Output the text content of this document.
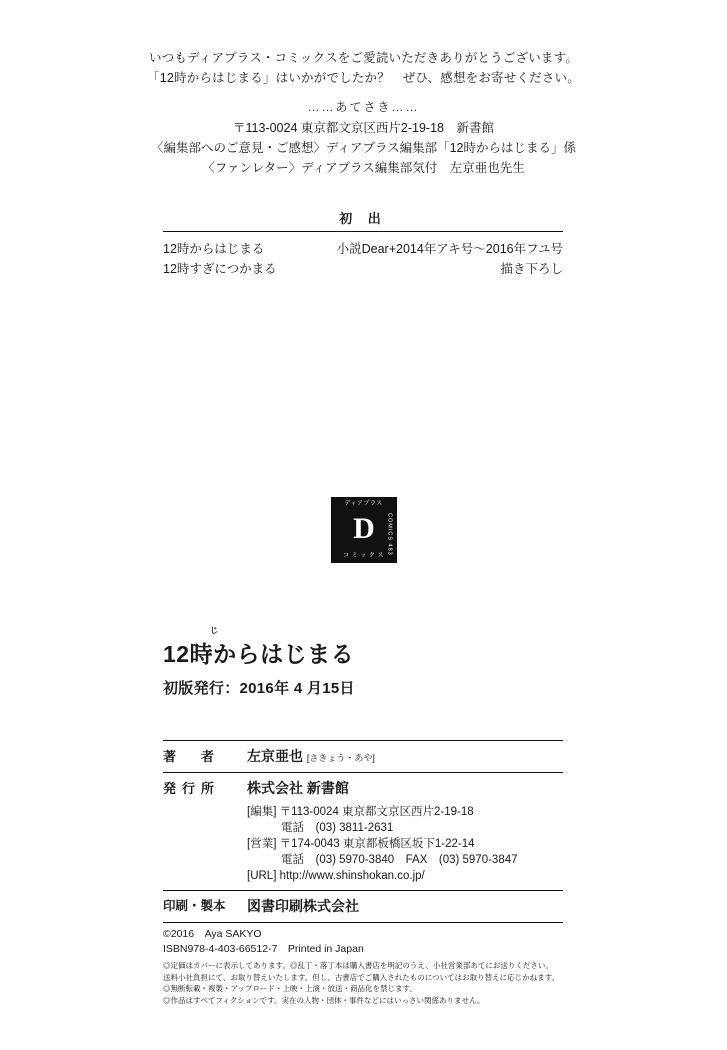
いつもディアプラス・コミックスをご愛読いただきありがとうございます。
「12時からはじまる」はいかがでしたか？　ぜひ、感想をお寄せください。
……あてさき……
〒113-0024 東京都文京区西片2-19-18　新書館
〈編集部へのご意見・ご感想〉ディアプラス編集部「12時からはじまる」係
〈ファンレター〉ディアプラス編集部気付　左京亜也先生
初 出
12時からはじまる	小説Dear+2014年アキ号〜2016年フユ号
12時すぎにつかまる	描き下ろし
ディアプラス
D	COMICS 483
コ ミ ッ ク ス
じ
12時からはじまる
初版発行：2016年 4 月15日
著　者	左京亜也 [さきょう・あや]
発行所	株式会社 新書館
[編集] 〒113-0024 東京都文京区西片2-19-18
電話　(03) 3811-2631
[営業] 〒174-0043 東京都板橋区坂下1-22-14
電話　(03) 5970-3840　FAX　(03) 5970-3847
[URL] http://www.shinshokan.co.jp/
印刷・製本	図書印刷株式会社
©2016　Aya SAKYO
ISBN978-4-403-66512-7　Printed in Japan
◎定価はカバーに表示してあります。◎乱丁・落丁本は購入書店を明記のうえ、小社営業部あてにお送りください。
送料小社負担にて、お取り替えいたします。但し、古書店でご購入されたものについてはお取り替えに応じかねます。
◎無断転載・複製・アップロード・上映・上演・放送・商品化を禁じます。
◎作品はすべてフィクションです。実在の人物・団体・事件などにはいっさい関係ありません。
